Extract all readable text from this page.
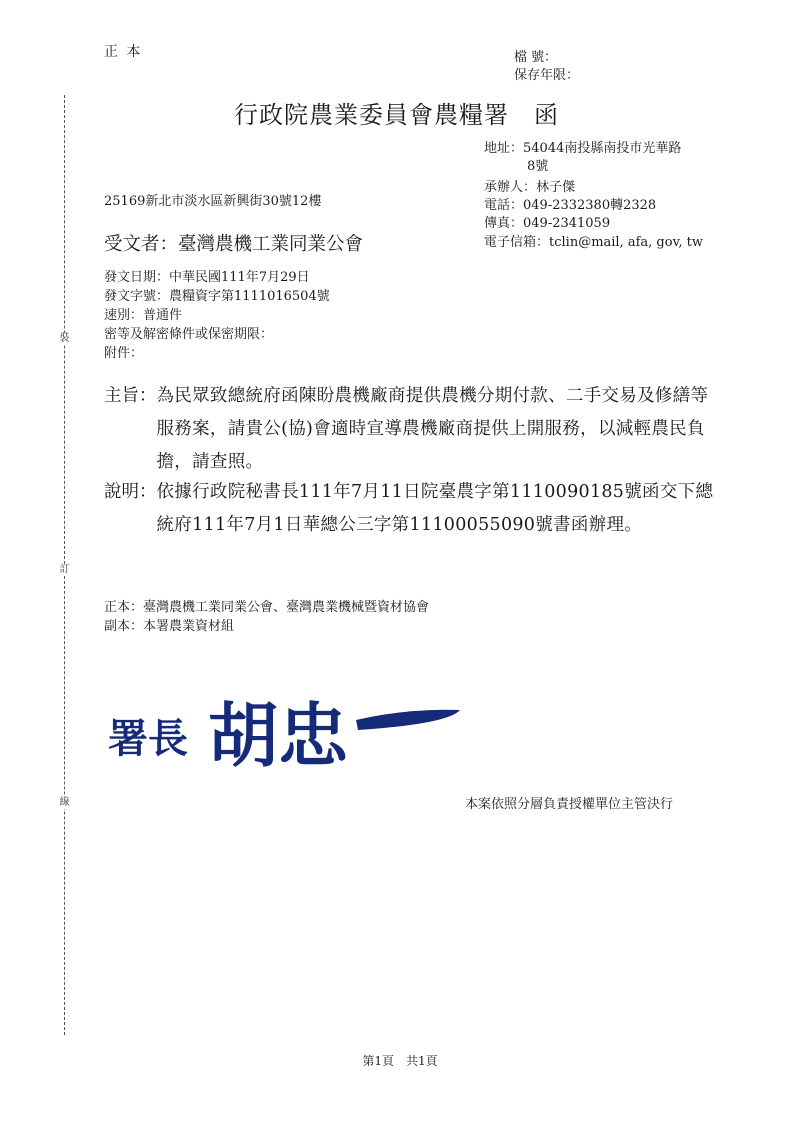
裝
訂
線
正 本	檔 號：
保存年限：
行政院農業委員會農糧署　函
地址：54044南投縣南投市光華路
8號
承辦人：林子傑
電話：049-2332380轉2328
傳真：049-2341059
電子信箱：tclin@mail, afa, gov, tw
25169新北市淡水區新興街30號12樓
受文者：臺灣農機工業同業公會
發文日期：中華民國111年7月29日
發文字號：農糧資字第1111016504號
速別：普通件
密等及解密條件或保密期限：
附件：
主旨： 為民眾致總統府函陳盼農機廠商提供農機分期付款、二手交易及修繕等服務案，請貴公(協)會適時宣導農機廠商提供上開服務，以減輕農民負擔，請查照。
說明： 依據行政院秘書長111年7月11日院臺農字第1110090185號函交下總統府111年7月1日華總公三字第11100055090號書函辦理。
正本：臺灣農機工業同業公會、臺灣農業機械暨資材協會
副本：本署農業資材組
署長 胡忠
本案依照分層負責授權單位主管決行
第1頁　共1頁
